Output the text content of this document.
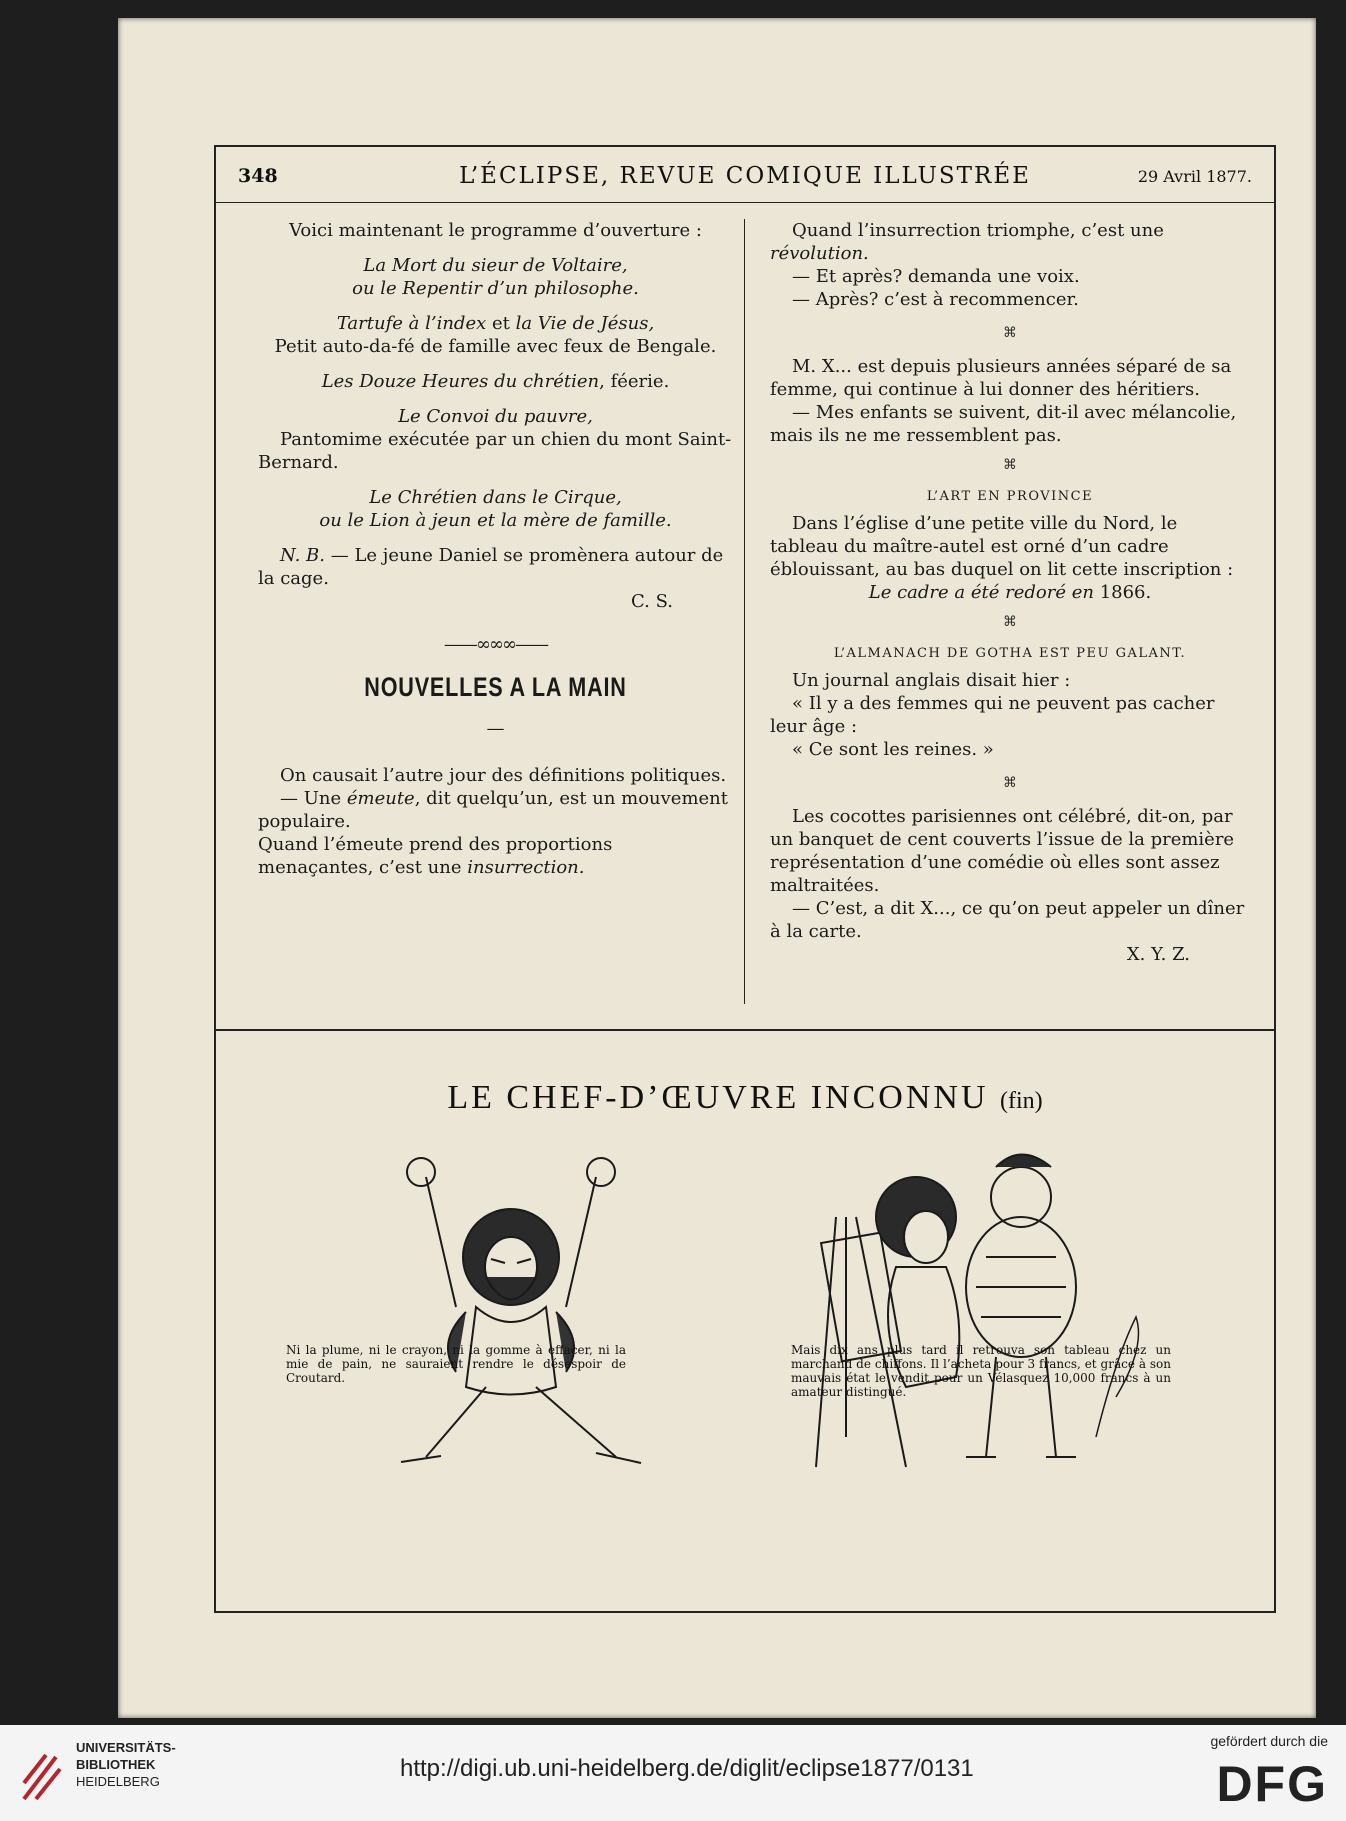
348	L’ÉCLIPSE, REVUE COMIQUE ILLUSTRÉE	29 Avril 1877.

Voici maintenant le programme d’ouverture :

La Mort du sieur de Voltaire,

ou le Repentir d’un philosophe.

Tartufe à l’index et la Vie de Jésus,

Petit auto-da-fé de famille avec feux de Bengale.

Les Douze Heures du chrétien, féerie.

Le Convoi du pauvre,

Pantomime exécutée par un chien du mont Saint-Bernard.

Le Chrétien dans le Cirque,

ou le Lion à jeun et la mère de famille.

N. B. — Le jeune Daniel se promènera autour de la cage.

C. S.

——∞∞∞——
NOUVELLES A LA MAIN
—

On causait l’autre jour des définitions politiques.

— Une émeute, dit quelqu’un, est un mouvement populaire.

Quand l’émeute prend des proportions menaçantes, c’est une insurrection.

Quand l’insurrection triomphe, c’est une révolution.

— Et après? demanda une voix.

— Après? c’est à recommencer.

⌘

M. X... est depuis plusieurs années séparé de sa femme, qui continue à lui donner des héritiers.

— Mes enfants se suivent, dit-il avec mélancolie, mais ils ne me ressemblent pas.

⌘
L’ART EN PROVINCE

Dans l’église d’une petite ville du Nord, le tableau du maître-autel est orné d’un cadre éblouissant, au bas duquel on lit cette inscription :

Le cadre a été redoré en 1866.

⌘
L’ALMANACH DE GOTHA EST PEU GALANT.

Un journal anglais disait hier :

« Il y a des femmes qui ne peuvent pas cacher leur âge :

« Ce sont les reines. »

⌘

Les cocottes parisiennes ont célébré, dit-on, par un banquet de cent couverts l’issue de la première représentation d’une comédie où elles sont assez maltraitées.

— C’est, a dit X..., ce qu’on peut appeler un dîner à la carte.

X. Y. Z.

LE CHEF-D’ŒUVRE INCONNU (fin)
Ni la plume, ni le crayon, ni la gomme à effacer, ni la mie de pain, ne sauraient rendre le désespoir de Croutard.
Mais dix ans plus tard il retrouva son tableau chez un marchand de chiffons. Il l’acheta pour 3 francs, et grâce à son mauvais état le vendit pour un Vélasquez 10,000 francs à un amateur distingué.
UNIVERSITÄTS-
BIBLIOTHEK
HEIDELBERG	http://digi.ub.uni-heidelberg.de/diglit/eclipse1877/0131
gefördert durch die
DFG
